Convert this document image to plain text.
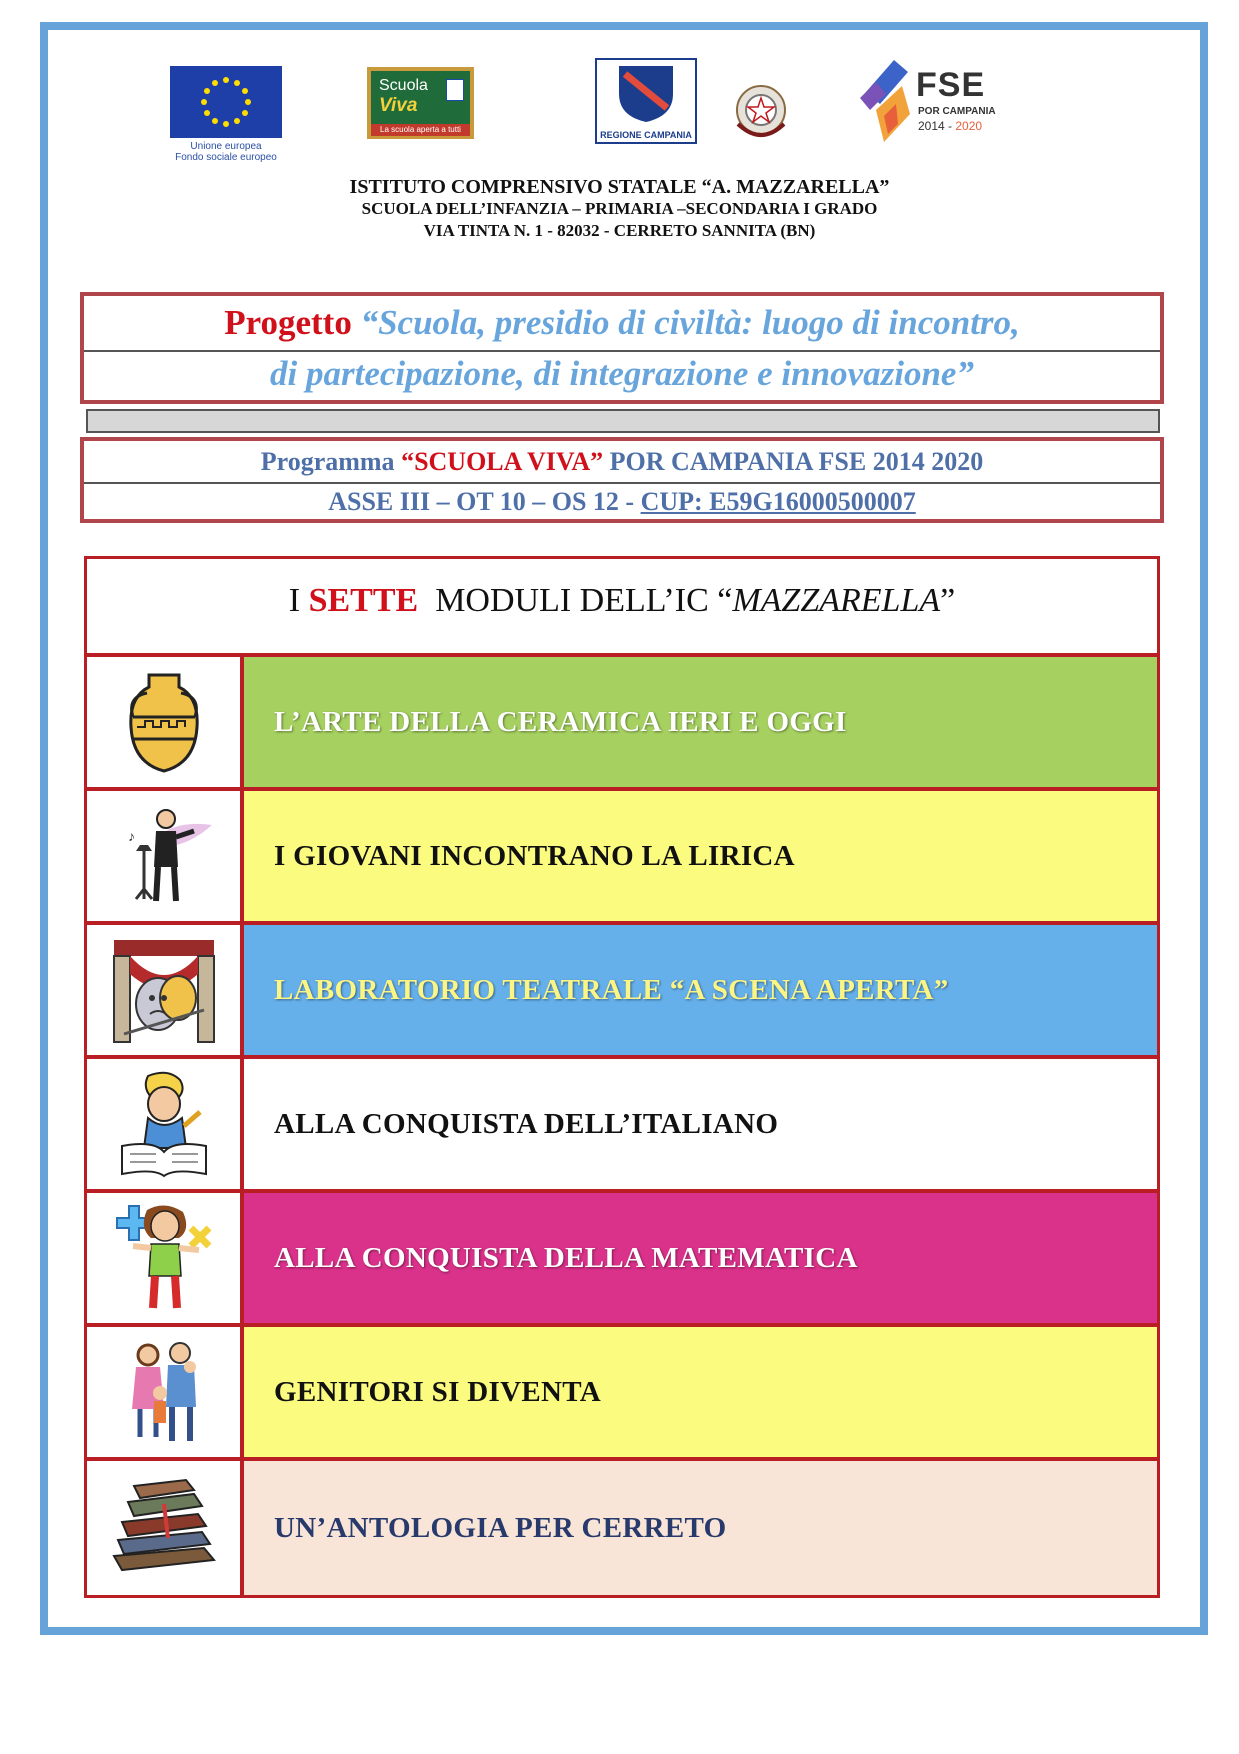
Unione europea
Fondo sociale europeo
Scuola
Viva
La scuola aperta a tutti
REGIONE CAMPANIA
FSE
POR CAMPANIA
2014 - 2020
ISTITUTO COMPRENSIVO STATALE “A. MAZZARELLA”
SCUOLA DELL’INFANZIA – PRIMARIA –SECONDARIA I GRADO
VIA TINTA N. 1 - 82032 - CERRETO SANNITA (BN)
Progetto “Scuola, presidio di civiltà: luogo di incontro,
di partecipazione, di integrazione e innovazione”
Programma “SCUOLA VIVA” POR CAMPANIA FSE 2014 2020
ASSE III – OT 10 – OS 12 - CUP: E59G16000500007
I SETTE  MODULI DELL’IC “MAZZARELLA”
L’ARTE DELLA CERAMICA IERI E OGGI
♪
I GIOVANI INCONTRANO LA LIRICA
LABORATORIO TEATRALE “A SCENA APERTA”
ALLA CONQUISTA DELL’ITALIANO
ALLA CONQUISTA DELLA MATEMATICA
GENITORI SI DIVENTA
UN’ANTOLOGIA PER CERRETO
